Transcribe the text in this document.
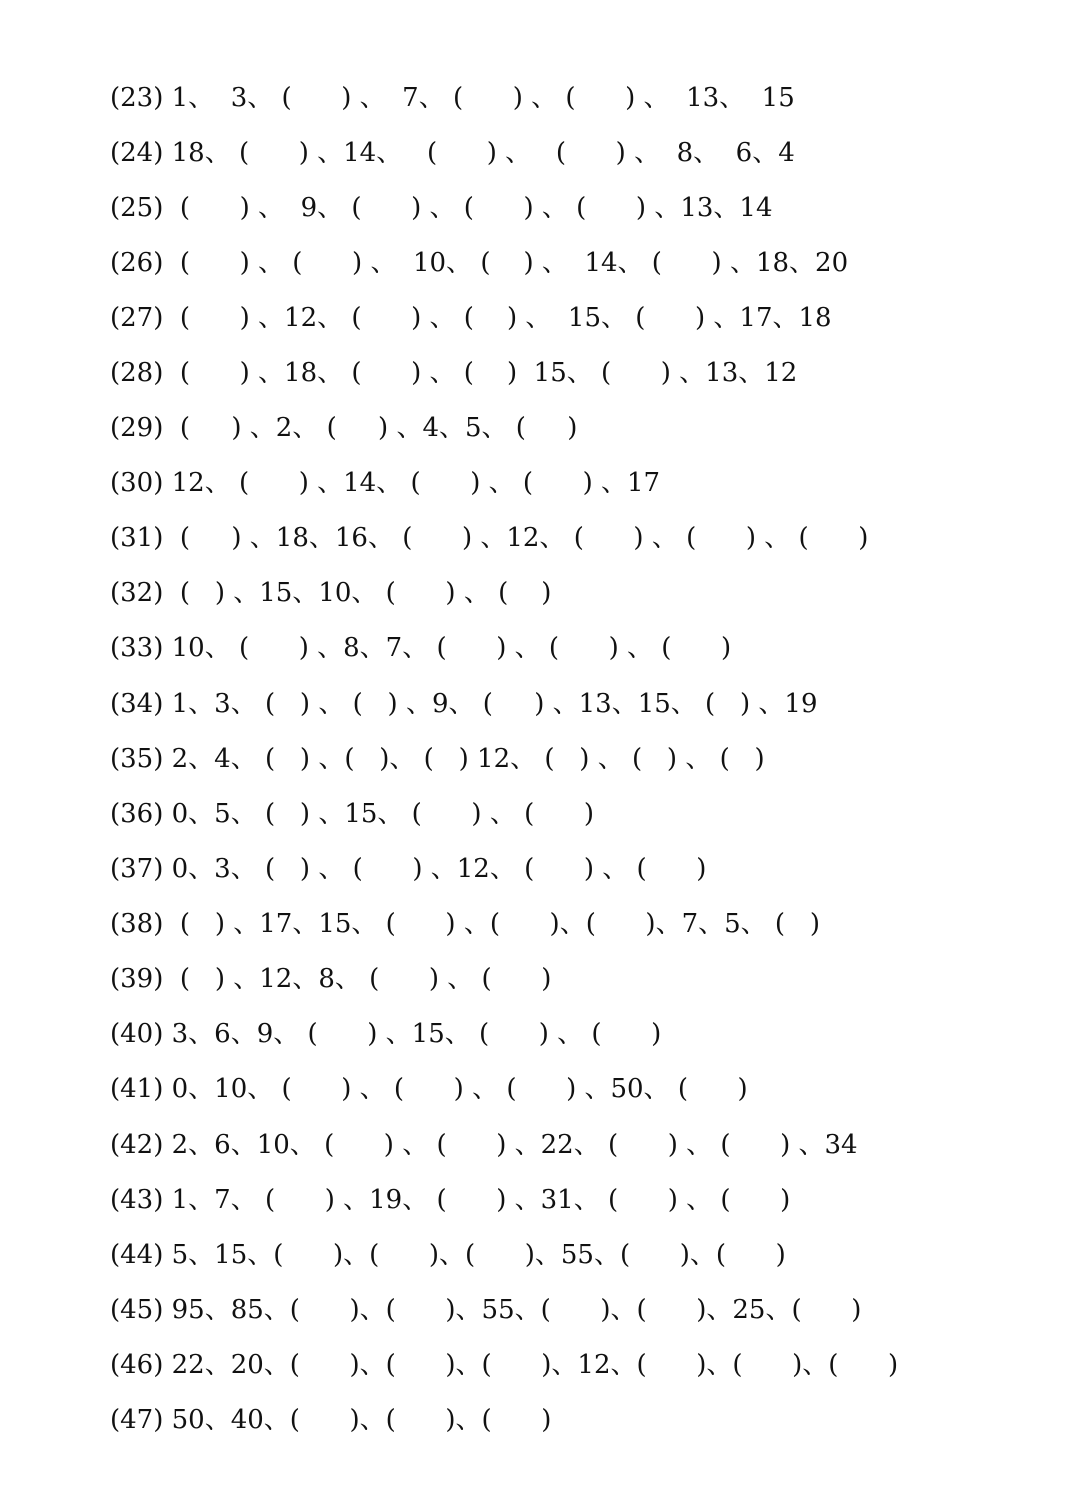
(23) 1、  3、 (      ) 、  7、 (      ) 、 (      ) 、  13、  15
(24) 18、 (      ) 、14、   (      ) 、   (      ) 、  8、  6、4
(25)  (      ) 、  9、 (      ) 、 (      ) 、 (      ) 、13、14
(26)  (      ) 、 (      ) 、  10、 (    ) 、  14、 (      ) 、18、20
(27)  (      ) 、12、 (      ) 、 (    ) 、  15、 (      ) 、17、18
(28)  (      ) 、18、 (      ) 、 (    )  15、 (      ) 、13、12
(29)  (     ) 、2、 (     ) 、4、5、 (     )
(30) 12、 (      ) 、14、 (      ) 、 (      ) 、17
(31)  (     ) 、18、16、 (      ) 、12、 (      ) 、 (      ) 、 (      )
(32)  (   ) 、15、10、 (      ) 、 (    )
(33) 10、 (      ) 、8、7、 (      ) 、 (      ) 、 (      )
(34) 1、3、 (   ) 、 (   ) 、9、 (     ) 、13、15、 (   ) 、19
(35) 2、4、 (   ) 、(   )、 (   ) 12、 (   ) 、 (   ) 、 (   )
(36) 0、5、 (   ) 、15、 (      ) 、 (      )
(37) 0、3、 (   ) 、 (      ) 、12、 (      ) 、 (      )
(38)  (   ) 、17、15、 (      ) 、(      )、(      )、7、5、 (   )
(39)  (   ) 、12、8、 (      ) 、 (      )
(40) 3、6、9、 (      ) 、15、 (      ) 、 (      )
(41) 0、10、 (      ) 、 (      ) 、 (      ) 、50、 (      )
(42) 2、6、10、 (      ) 、 (      ) 、22、 (      ) 、 (      ) 、34
(43) 1、7、 (      ) 、19、 (      ) 、31、 (      ) 、 (      )
(44) 5、15、(      )、(      )、(      )、55、(      )、(      )
(45) 95、85、(      )、(      )、55、(      )、(      )、25、(      )
(46) 22、20、(      )、(      )、(      )、12、(      )、(      )、(      )
(47) 50、40、(      )、(      )、(      )
